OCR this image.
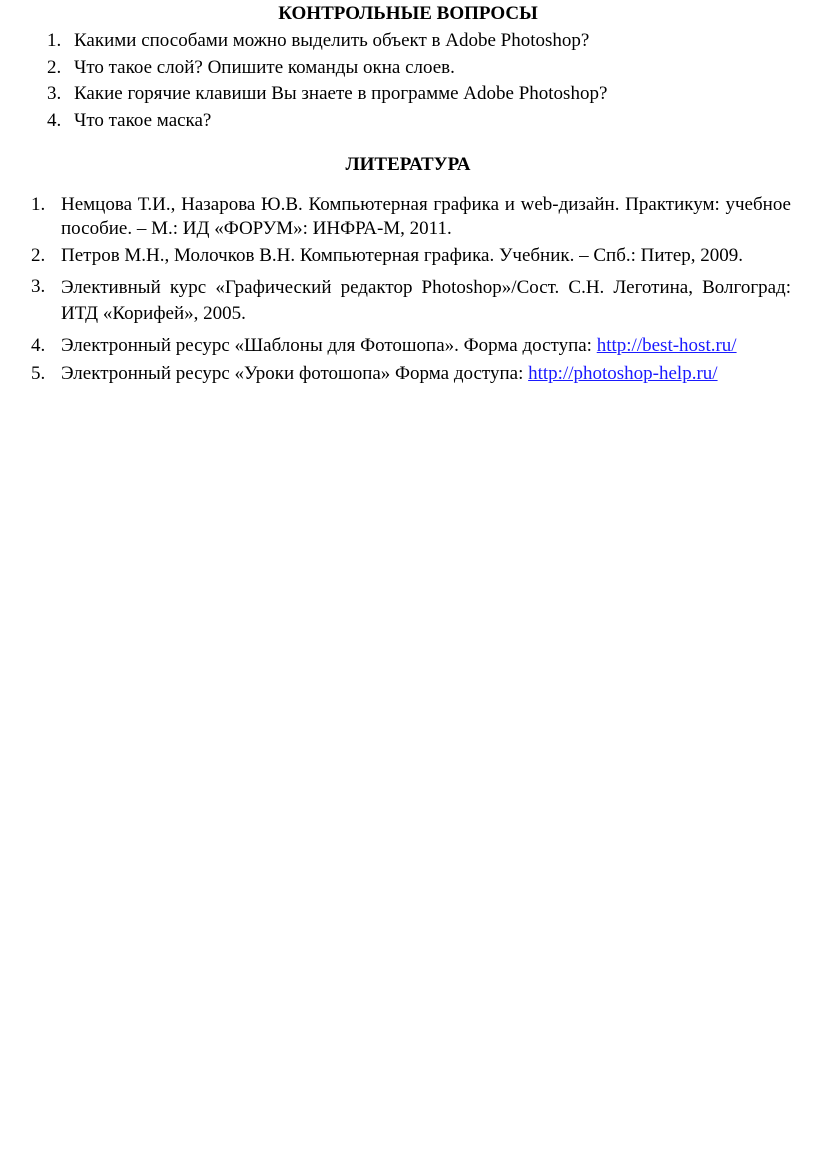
КОНТРОЛЬНЫЕ ВОПРОСЫ
1. Какими способами можно выделить объект в Adobe Photoshop?
2. Что такое слой? Опишите команды окна слоев.
3. Какие горячие клавиши Вы знаете в программе Adobe Photoshop?
4. Что такое маска?
ЛИТЕРАТУРА
1. Немцова Т.И., Назарова Ю.В. Компьютерная графика и web-дизайн. Практикум: учебное пособие. – М.: ИД «ФОРУМ»: ИНФРА-М, 2011.
2. Петров М.Н., Молочков В.Н. Компьютерная графика. Учебник. – Спб.: Питер, 2009.
3. Элективный курс «Графический редактор Photoshop»/Сост. С.Н. Леготина, Волгоград: ИТД «Корифей», 2005.
4. Электронный ресурс «Шаблоны для Фотошопа». Форма доступа: http://best-host.ru/
5. Электронный ресурс «Уроки фотошопа» Форма доступа: http://photoshop-help.ru/
